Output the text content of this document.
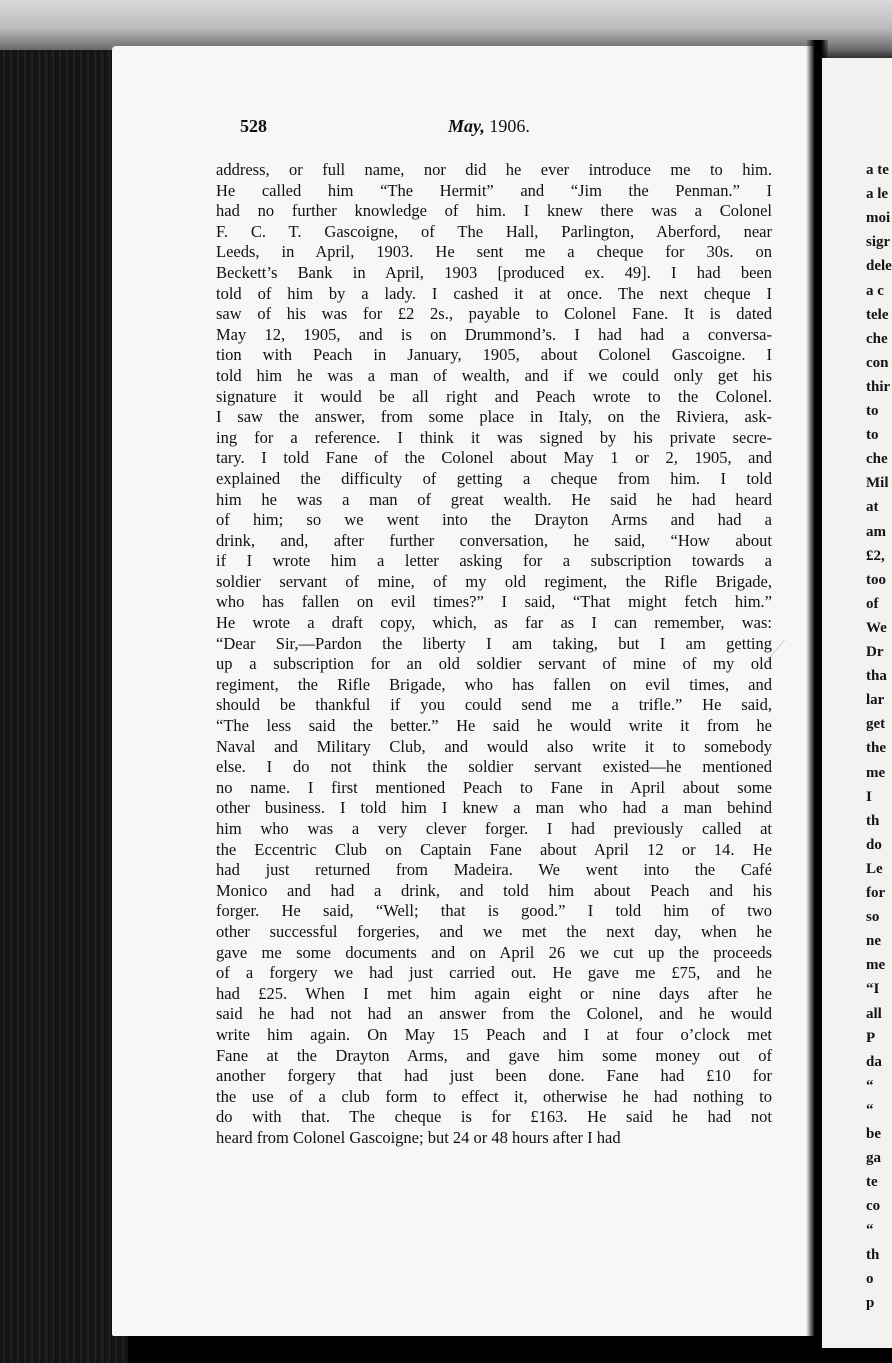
528	May, 1906.
address, or full name, nor did he ever introduce me to him.
He called him “The Hermit” and “Jim the Penman.” I
had no further knowledge of him. I knew there was a Colonel
F. C. T. Gascoigne, of The Hall, Parlington, Aberford, near
Leeds, in April, 1903. He sent me a cheque for 30s. on
Beckett’s Bank in April, 1903 [produced ex. 49]. I had been
told of him by a lady. I cashed it at once. The next cheque I
saw of his was for £2 2s., payable to Colonel Fane. It is dated
May 12, 1905, and is on Drummond’s. I had had a conversa-
tion with Peach in January, 1905, about Colonel Gascoigne. I
told him he was a man of wealth, and if we could only get his
signature it would be all right and Peach wrote to the Colonel.
I saw the answer, from some place in Italy, on the Riviera, ask-
ing for a reference. I think it was signed by his private secre-
tary. I told Fane of the Colonel about May 1 or 2, 1905, and
explained the difficulty of getting a cheque from him. I told
him he was a man of great wealth. He said he had heard
of him; so we went into the Drayton Arms and had a
drink, and, after further conversation, he said, “How about
if I wrote him a letter asking for a subscription towards a
soldier servant of mine, of my old regiment, the Rifle Brigade,
who has fallen on evil times?” I said, “That might fetch him.”
He wrote a draft copy, which, as far as I can remember, was:
“Dear Sir,—Pardon the liberty I am taking, but I am getting
up a subscription for an old soldier servant of mine of my old
regiment, the Rifle Brigade, who has fallen on evil times, and
should be thankful if you could send me a trifle.” He said,
“The less said the better.” He said he would write it from he
Naval and Military Club, and would also write it to somebody
else. I do not think the soldier servant existed—he mentioned
no name. I first mentioned Peach to Fane in April about some
other business. I told him I knew a man who had a man behind
him who was a very clever forger. I had previously called at
the Eccentric Club on Captain Fane about April 12 or 14. He
had just returned from Madeira. We went into the Café
Monico and had a drink, and told him about Peach and his
forger. He said, “Well; that is good.” I told him of two
other successful forgeries, and we met the next day, when he
gave me some documents and on April 26 we cut up the proceeds
of a forgery we had just carried out. He gave me £75, and he
had £25. When I met him again eight or nine days after he
said he had not had an answer from the Colonel, and he would
write him again. On May 15 Peach and I at four o’clock met
Fane at the Drayton Arms, and gave him some money out of
another forgery that had just been done. Fane had £10 for
the use of a club form to effect it, otherwise he had nothing to
do with that. The cheque is for £163. He said he had not
heard from Colonel Gascoigne; but 24 or 48 hours after I had
a te
a le
moi
sigr
dele
a c
tele
che
con
thir
to
to
che
Mil
at
am
£2,
too
of
We
Dr
tha
lar
get
the
me
I
th
do
Le
for
so
ne
me
“I
all
P
da
“
“
be
ga
te
co
“
th
o
p
